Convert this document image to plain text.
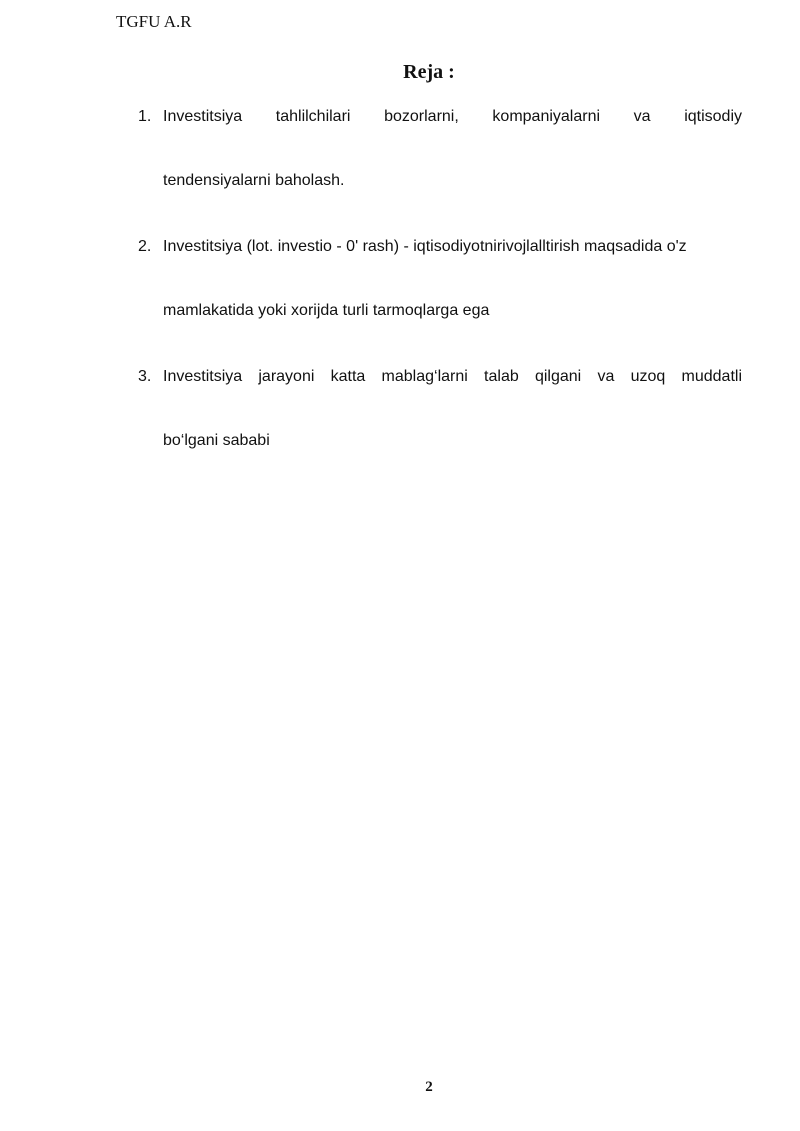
TGFU A.R
Reja :
1. Investitsiya tahlilchilari bozorlarni, kompaniyalarni va iqtisodiy
tendensiyalarni baholash.
2. Investitsiya (lot. investio - 0' rash) - iqtisodiyotnirivojlalltirish maqsadida o'z
mamlakatida yoki xorijda turli tarmoqlarga ega
3. Investitsiya jarayoni katta mablag‘larni talab qilgani va uzoq muddatli
bo‘lgani sababi
2
